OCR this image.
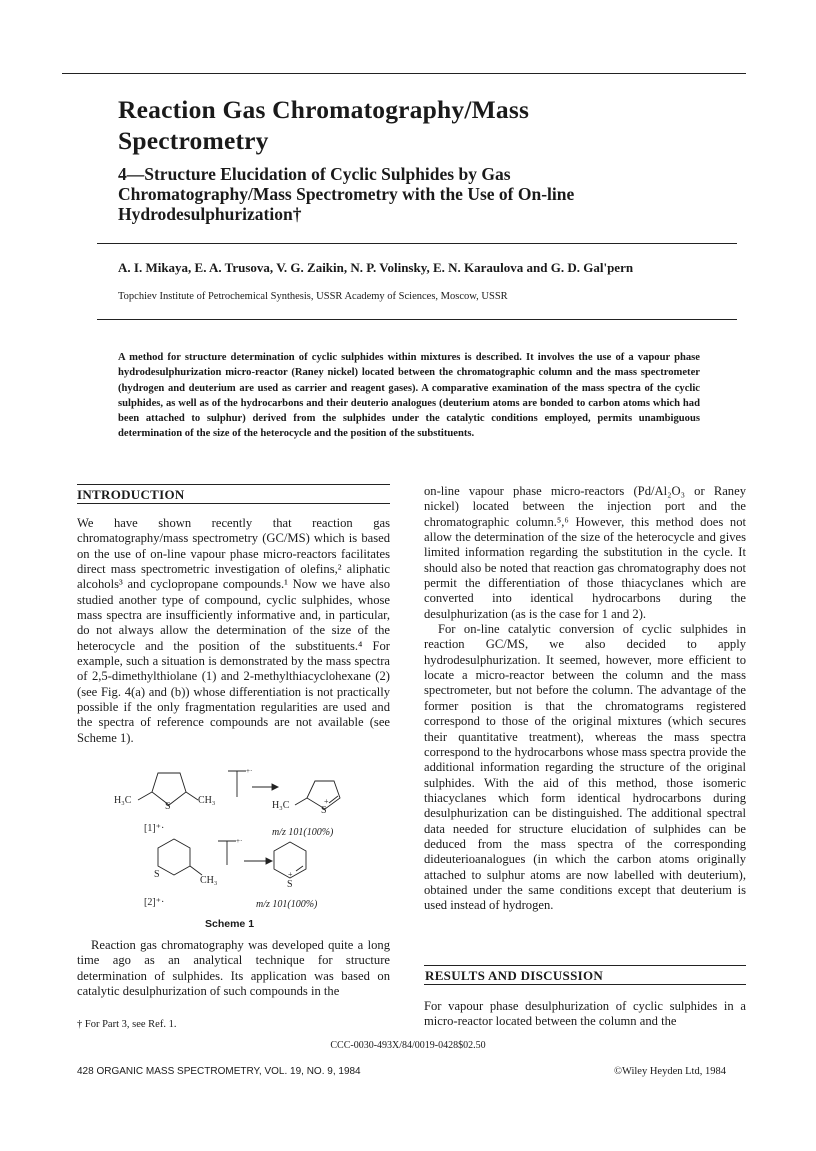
Reaction Gas Chromatography/Mass Spectrometry
4—Structure Elucidation of Cyclic Sulphides by Gas Chromatography/Mass Spectrometry with the Use of On-line Hydrodesulphurization†
A. I. Mikaya, E. A. Trusova, V. G. Zaikin, N. P. Volinsky, E. N. Karaulova and G. D. Gal'pern
Topchiev Institute of Petrochemical Synthesis, USSR Academy of Sciences, Moscow, USSR
A method for structure determination of cyclic sulphides within mixtures is described. It involves the use of a vapour phase hydrodesulphurization micro-reactor (Raney nickel) located between the chromatographic column and the mass spectrometer (hydrogen and deuterium are used as carrier and reagent gases). A comparative examination of the mass spectra of the cyclic sulphides, as well as of the hydrocarbons and their deuterio analogues (deuterium atoms are bonded to carbon atoms which had been attached to sulphur) derived from the sulphides under the catalytic conditions employed, permits unambiguous determination of the size of the heterocycle and the position of the substituents.
INTRODUCTION

We have shown recently that reaction gas chromatography/mass spectrometry (GC/MS) which is based on the use of on-line vapour phase micro-reactors facilitates direct mass spectrometric investigation of olefins,² aliphatic alcohols³ and cyclopropane compounds.¹ Now we have also studied another type of compound, cyclic sulphides, whose mass spectra are insufficiently informative and, in particular, do not always allow the determination of the size of the heterocycle and the position of the substituents.⁴ For example, such a situation is demonstrated by the mass spectra of 2,5-dimethylthiolane (1) and 2-methylthiacyclohexane (2) (see Fig. 4(a) and (b)) whose differentiation is not practically possible if the only fragmentation regularities are used and the spectra of reference compounds are not available (see Scheme 1).

H₃C
S
CH₃
+·
H₃C	S
+
[1]⁺·	m/z 101(100%)
S
CH₃
+·
S
+
[2]⁺·	m/z 101(100%)
Scheme 1

Reaction gas chromatography was developed quite a long time ago as an analytical technique for structure determination of sulphides. Its application was based on catalytic desulphurization of such compounds in the

† For Part 3, see Ref. 1.

on-line vapour phase micro-reactors (Pd/Al₂O₃ or Raney nickel) located between the injection port and the chromatographic column.⁵,⁶ However, this method does not allow the determination of the size of the heterocycle and gives limited information regarding the substitution in the cycle. It should also be noted that reaction gas chromatography does not permit the differentiation of those thiacyclanes which are converted into identical hydrocarbons during the desulphurization (as is the case for 1 and 2).

For on-line catalytic conversion of cyclic sulphides in reaction GC/MS, we also decided to apply hydrodesulphurization. It seemed, however, more efficient to locate a micro-reactor between the column and the mass spectrometer, but not before the column. The advantage of the former position is that the chromatograms registered correspond to those of the original mixtures (which secures their quantitative treatment), whereas the mass spectra correspond to the hydrocarbons whose mass spectra provide the additional information regarding the structure of the original sulphides. With the aid of this method, those isomeric thiacyclanes which form identical hydrocarbons during desulphurization can be distinguished. The additional spectral data needed for structure elucidation of sulphides can be deduced from the mass spectra of the corresponding dideuterioanalogues (in which the carbon atoms originally attached to sulphur atoms are now labelled with deuterium), obtained under the same conditions except that deuterium is used instead of hydrogen.

RESULTS AND DISCUSSION

For vapour phase desulphurization of cyclic sulphides in a micro-reactor located between the column and the

CCC-0030-493X/84/0019-0428$02.50
428 ORGANIC MASS SPECTROMETRY, VOL. 19, NO. 9, 1984	©Wiley Heyden Ltd, 1984
